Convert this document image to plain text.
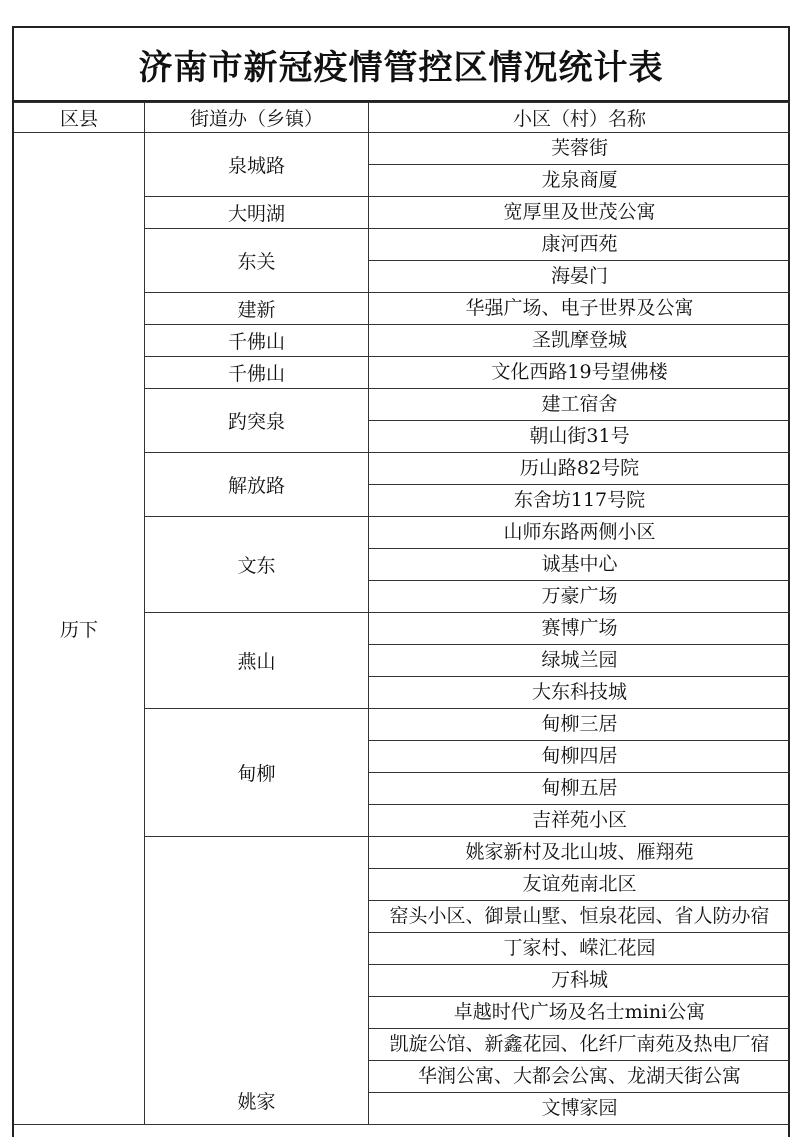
济南市新冠疫情管控区情况统计表
区县	街道办（乡镇）	小区（村）名称
历下	泉城路	芙蓉街

		龙泉商厦

	大明湖	宽厚里及世茂公寓

	东关	康河西苑

		海晏门

	建新	华强广场、电子世界及公寓

	千佛山	圣凯摩登城

	千佛山	文化西路19号望佛楼

	趵突泉	建工宿舍

		朝山街31号

	解放路	历山路82号院

		东舍坊117号院

	文东	山师东路两侧小区

		诚基中心

		万豪广场

	燕山	赛博广场

		绿城兰园

		大东科技城

	甸柳	甸柳三居

		甸柳四居

		甸柳五居

		吉祥苑小区

	姚家	姚家新村及北山坡、雁翔苑

		友谊苑南北区

		窑头小区、御景山墅、恒泉花园、省人防办宿

		丁家村、嵘汇花园

		万科城

		卓越时代广场及名士mini公寓

		凯旋公馆、新鑫花园、化纤厂南苑及热电厂宿

		华润公寓、大都会公寓、龙湖天街公寓

		文博家园
